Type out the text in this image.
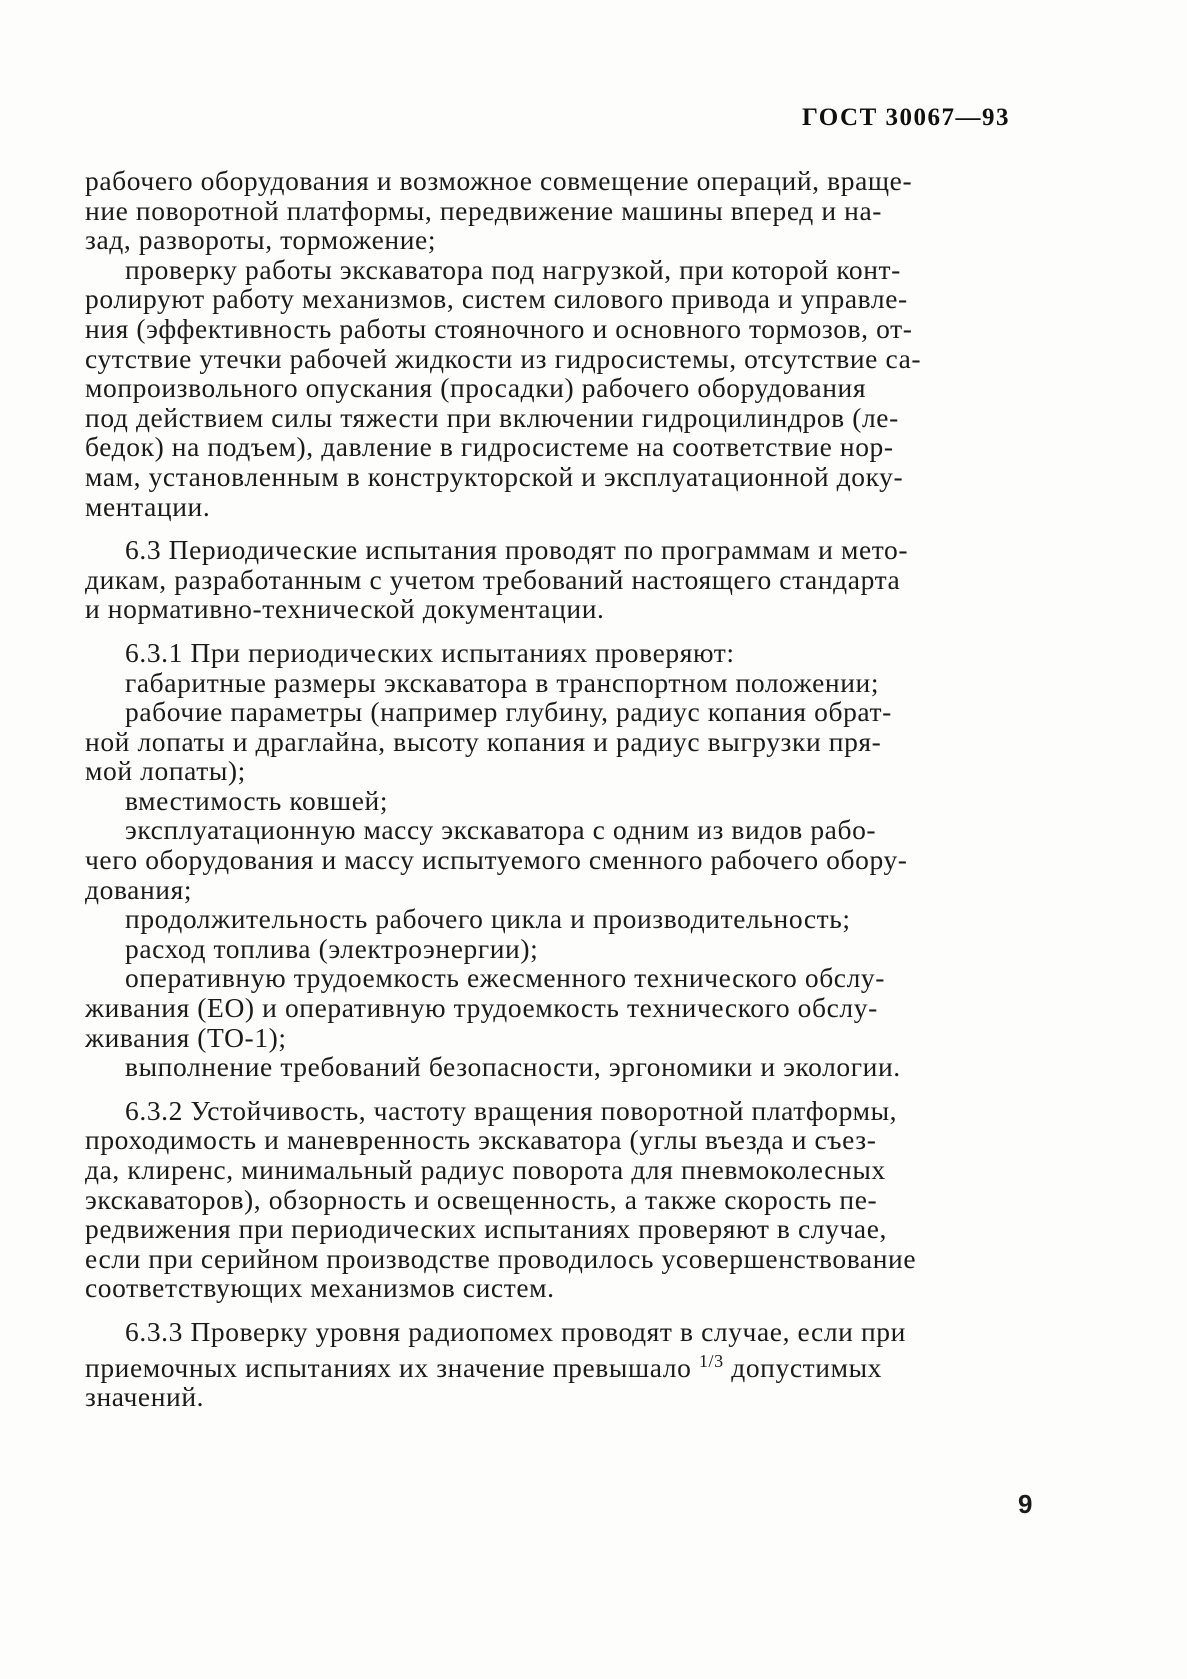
ГОСТ 30067—93

рабочего оборудования и возможное совмещение операций, враще-
ние поворотной платформы, передвижение машины вперед и на-
зад, развороты, торможение;

проверку работы экскаватора под нагрузкой, при которой конт-
ролируют работу механизмов, систем силового привода и управле-
ния (эффективность работы стояночного и основного тормозов, от-
сутствие утечки рабочей жидкости из гидросистемы, отсутствие са-
мопроизвольного опускания (просадки) рабочего оборудования
под действием силы тяжести при включении гидроцилиндров (ле-
бедок) на подъем), давление в гидросистеме на соответствие нор-
мам, установленным в конструкторской и эксплуатационной доку-
ментации.

6.3 Периодические испытания проводят по программам и мето-
дикам, разработанным с учетом требований настоящего стандарта
и нормативно-технической документации.

6.3.1 При периодических испытаниях проверяют:

габаритные размеры экскаватора в транспортном положении;

рабочие параметры (например глубину, радиус копания обрат-
ной лопаты и драглайна, высоту копания и радиус выгрузки пря-
мой лопаты);

вместимость ковшей;

эксплуатационную массу экскаватора с одним из видов рабо-
чего оборудования и массу испытуемого сменного рабочего обору-
дования;

продолжительность рабочего цикла и производительность;

расход топлива (электроэнергии);

оперативную трудоемкость ежесменного технического обслу-
живания (ЕО) и оперативную трудоемкость технического обслу-
живания (ТО-1);

выполнение требований безопасности, эргономики и экологии.

6.3.2 Устойчивость, частоту вращения поворотной платформы,
проходимость и маневренность экскаватора (углы въезда и съез-
да, клиренс, минимальный радиус поворота для пневмоколесных
экскаваторов), обзорность и освещенность, а также скорость пе-
редвижения при периодических испытаниях проверяют в случае,
если при серийном производстве проводилось усовершенствование
соответствующих механизмов систем.

6.3.3 Проверку уровня радиопомех проводят в случае, если при
приемочных испытаниях их значение превышало $^{1/3}$ допустимых
значений.

9
